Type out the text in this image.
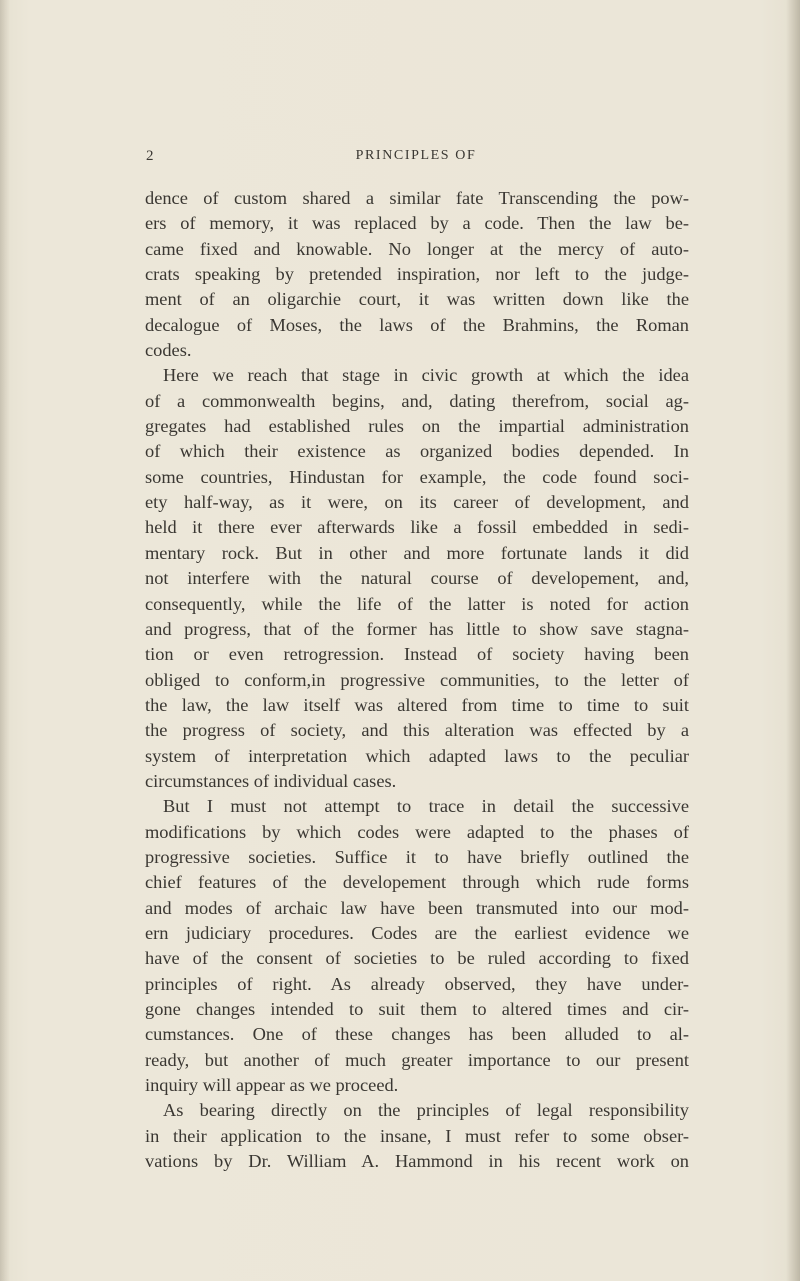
2	PRINCIPLES OF
dence of custom shared a similar fate Transcending the pow-
ers of memory, it was replaced by a code. Then the law be-
came fixed and knowable. No longer at the mercy of auto-
crats speaking by pretended inspiration, nor left to the judge-
ment of an oligarchie court, it was written down like the
decalogue of Moses, the laws of the Brahmins, the Roman
codes.
Here we reach that stage in civic growth at which the idea
of a commonwealth begins, and, dating therefrom, social ag-
gregates had established rules on the impartial administration
of which their existence as organized bodies depended. In
some countries, Hindustan for example, the code found soci-
ety half-way, as it were, on its career of development, and
held it there ever afterwards like a fossil embedded in sedi-
mentary rock. But in other and more fortunate lands it did
not interfere with the natural course of developement, and,
consequently, while the life of the latter is noted for action
and progress, that of the former has little to show save stagna-
tion or even retrogression. Instead of society having been
obliged to conform,in progressive communities, to the letter of
the law, the law itself was altered from time to time to suit
the progress of society, and this alteration was effected by a
system of interpretation which adapted laws to the peculiar
circumstances of individual cases.
But I must not attempt to trace in detail the successive
modifications by which codes were adapted to the phases of
progressive societies. Suffice it to have briefly outlined the
chief features of the developement through which rude forms
and modes of archaic law have been transmuted into our mod-
ern judiciary procedures. Codes are the earliest evidence we
have of the consent of societies to be ruled according to fixed
principles of right. As already observed, they have under-
gone changes intended to suit them to altered times and cir-
cumstances. One of these changes has been alluded to al-
ready, but another of much greater importance to our present
inquiry will appear as we proceed.
As bearing directly on the principles of legal responsibility
in their application to the insane, I must refer to some obser-
vations by Dr. William A. Hammond in his recent work on
